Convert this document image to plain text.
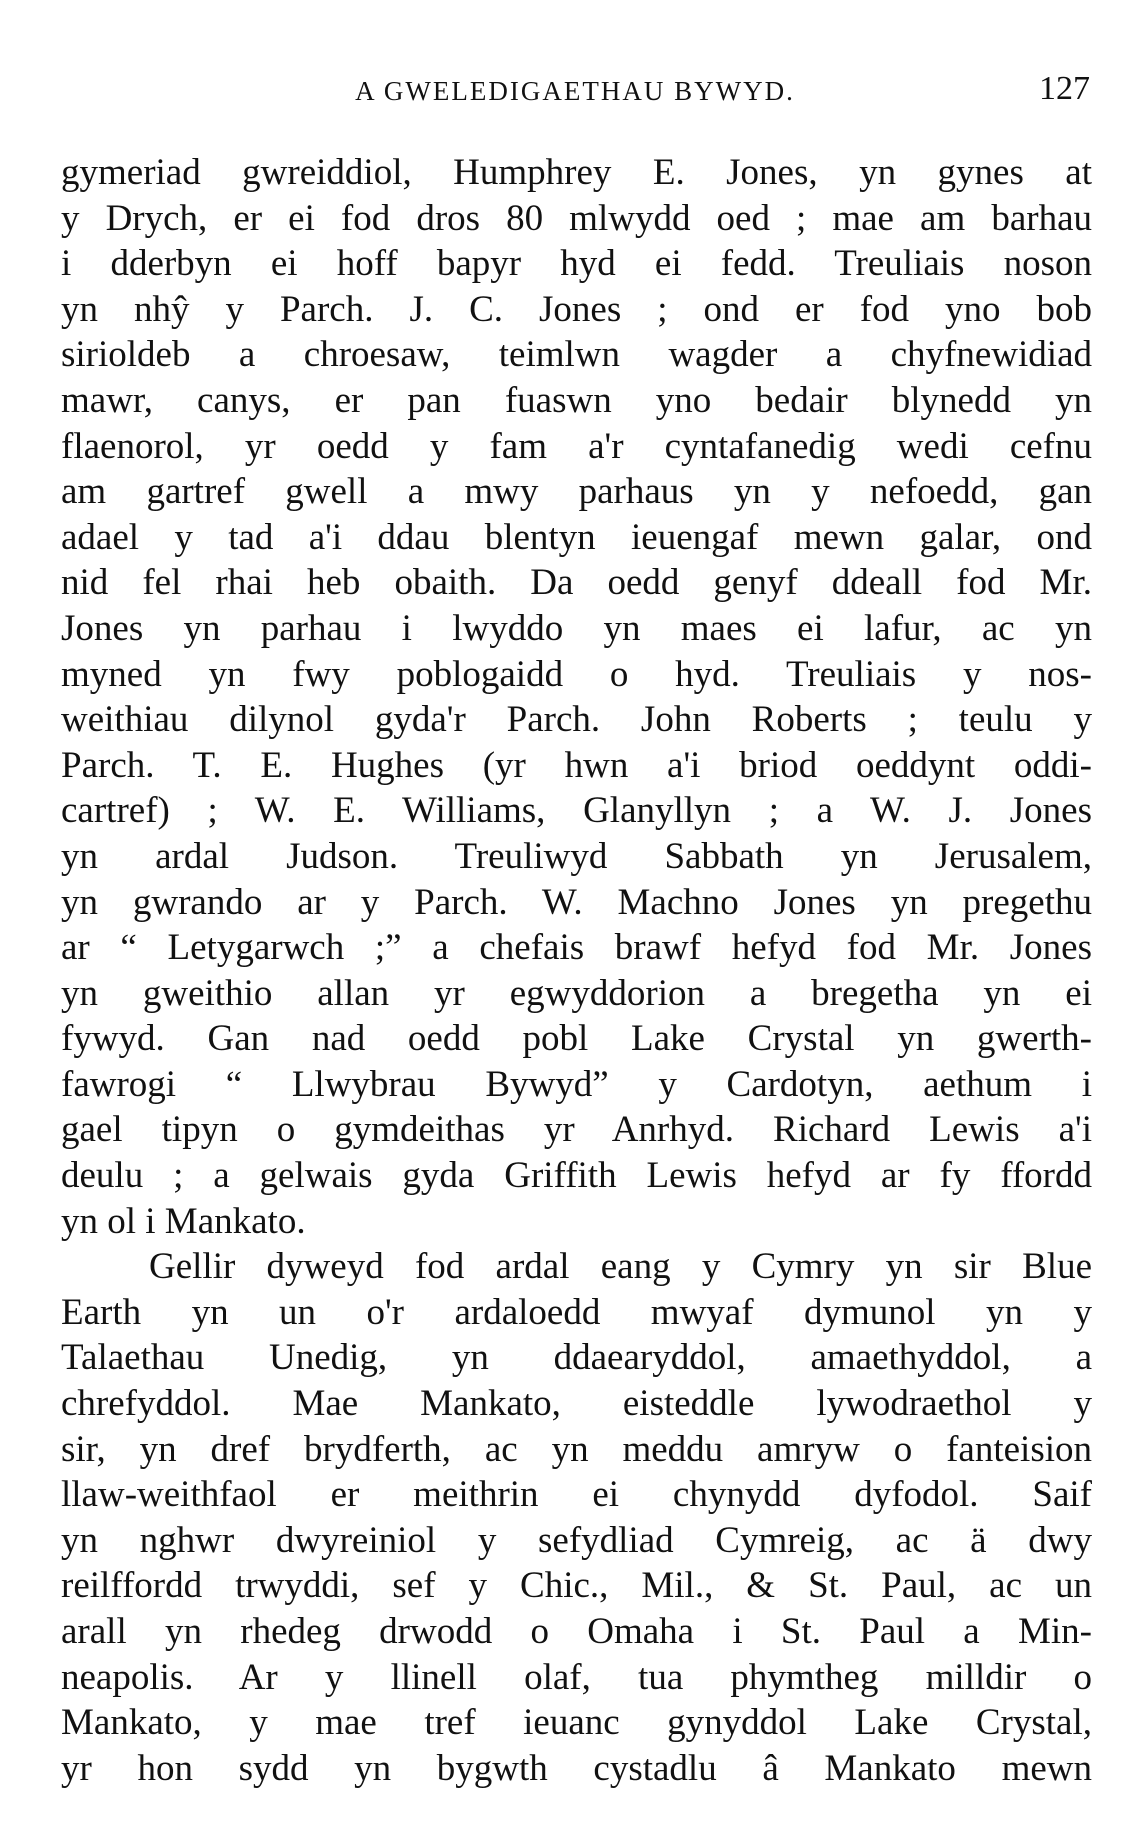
A GWELEDIGAETHAU BYWYD.	127
gymeriad gwreiddiol, Humphrey E. Jones, yn gynes at
y Drych, er ei fod dros 80 mlwydd oed ; mae am barhau
i dderbyn ei hoff bapyr hyd ei fedd. Treuliais noson
yn nhŷ y Parch. J. C. Jones ; ond er fod yno bob
sirioldeb a chroesaw, teimlwn wagder a chyfnewidiad
mawr, canys, er pan fuaswn yno bedair blynedd yn
flaenorol, yr oedd y fam a'r cyntafanedig wedi cefnu
am gartref gwell a mwy parhaus yn y nefoedd, gan
adael y tad a'i ddau blentyn ieuengaf mewn galar, ond
nid fel rhai heb obaith. Da oedd genyf ddeall fod Mr.
Jones yn parhau i lwyddo yn maes ei lafur, ac yn
myned yn fwy poblogaidd o hyd. Treuliais y nos-
weithiau dilynol gyda'r Parch. John Roberts ; teulu y
Parch. T. E. Hughes (yr hwn a'i briod oeddynt oddi-
cartref) ; W. E. Williams, Glanyllyn ; a W. J. Jones
yn ardal Judson. Treuliwyd Sabbath yn Jerusalem,
yn gwrando ar y Parch. W. Machno Jones yn pregethu
ar “ Letygarwch ;” a chefais brawf hefyd fod Mr. Jones
yn gweithio allan yr egwyddorion a bregetha yn ei
fywyd. Gan nad oedd pobl Lake Crystal yn gwerth-
fawrogi “ Llwybrau Bywyd” y Cardotyn, aethum i
gael tipyn o gymdeithas yr Anrhyd. Richard Lewis a'i
deulu ; a gelwais gyda Griffith Lewis hefyd ar fy ffordd
yn ol i Mankato.
Gellir dyweyd fod ardal eang y Cymry yn sir Blue
Earth yn un o'r ardaloedd mwyaf dymunol yn y
Talaethau Unedig, yn ddaearyddol, amaethyddol, a
chrefyddol. Mae Mankato, eisteddle lywodraethol y
sir, yn dref brydferth, ac yn meddu amryw o fanteision
llaw-weithfaol er meithrin ei chynydd dyfodol. Saif
yn nghwr dwyreiniol y sefydliad Cymreig, ac ä dwy
reilffordd trwyddi, sef y Chic., Mil., & St. Paul, ac un
arall yn rhedeg drwodd o Omaha i St. Paul a Min-
neapolis. Ar y llinell olaf, tua phymtheg milldir o
Mankato, y mae tref ieuanc gynyddol Lake Crystal,
yr hon sydd yn bygwth cystadlu â Mankato mewn
